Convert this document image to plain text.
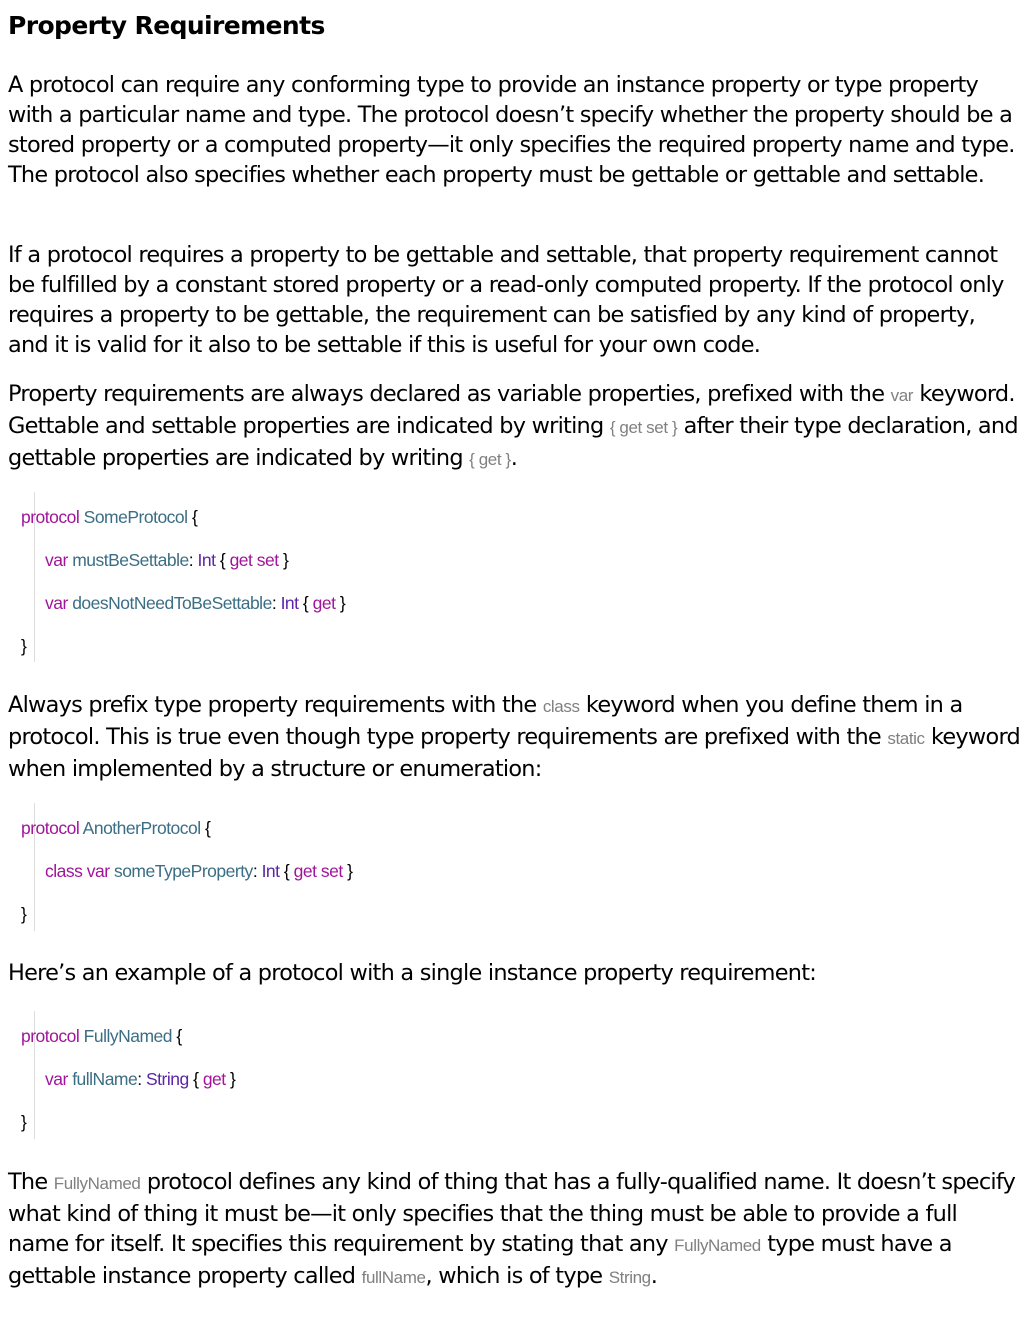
Property Requirements

A protocol can require any conforming type to provide an instance property or type property with a particular name and type. The protocol doesn’t specify whether the property should be a stored property or a computed property—it only specifies the required property name and type. The protocol also specifies whether each property must be gettable or gettable and settable.

If a protocol requires a property to be gettable and settable, that property requirement cannot be fulfilled by a constant stored property or a read-only computed property. If the protocol only requires a property to be gettable, the requirement can be satisfied by any kind of property, and it is valid for it also to be settable if this is useful for your own code.

Property requirements are always declared as variable properties, prefixed with the var keyword. Gettable and settable properties are indicated by writing { get set } after their type declaration, and gettable properties are indicated by writing { get }.

protocol SomeProtocol {
var mustBeSettable: Int { get set }
var doesNotNeedToBeSettable: Int { get }
}

Always prefix type property requirements with the class keyword when you define them in a protocol. This is true even though type property requirements are prefixed with the static keyword when implemented by a structure or enumeration:

protocol AnotherProtocol {
class var someTypeProperty: Int { get set }
}

Here’s an example of a protocol with a single instance property requirement:

protocol FullyNamed {
var fullName: String { get }
}

The FullyNamed protocol defines any kind of thing that has a fully-qualified name. It doesn’t specify what kind of thing it must be—it only specifies that the thing must be able to provide a full name for itself. It specifies this requirement by stating that any FullyNamed type must have a gettable instance property called fullName, which is of type String.
